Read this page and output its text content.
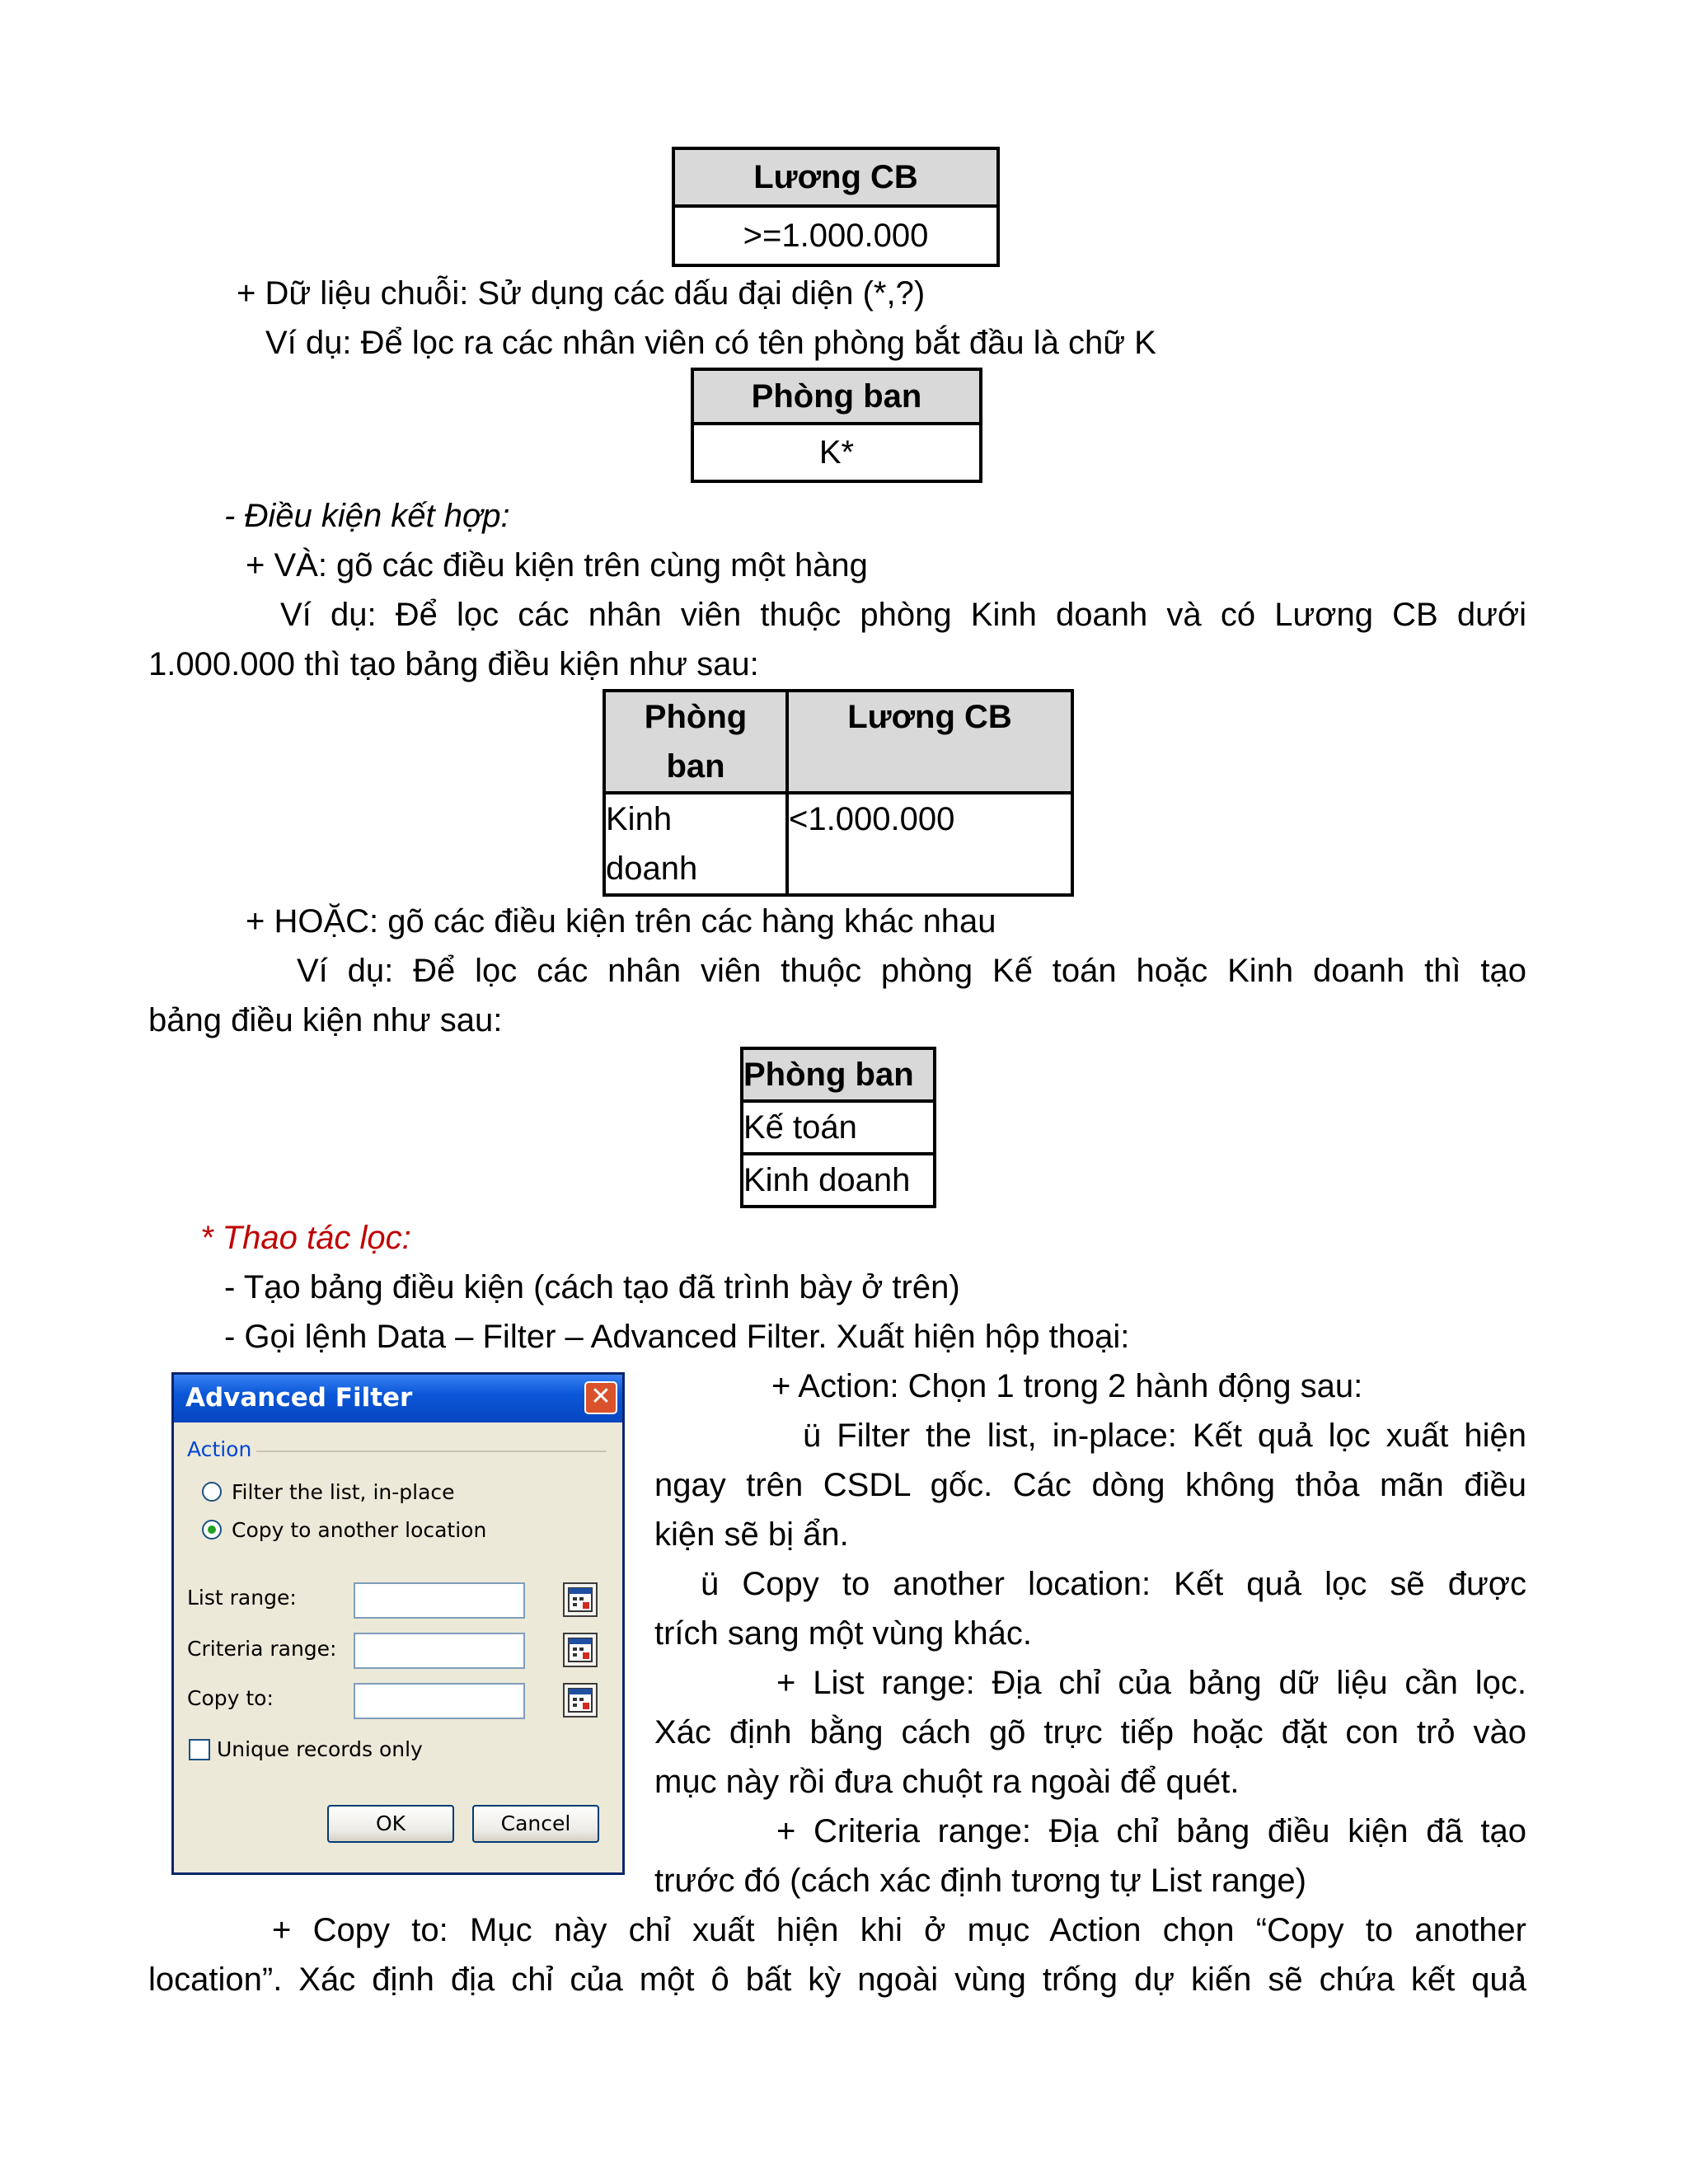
Lương CB
>=1.000.000
+ Dữ liệu chuỗi: Sử dụng các dấu đại diện (*,?)
Ví dụ: Để lọc ra các nhân viên có tên phòng bắt đầu là chữ K
Phòng ban
K*
- Điều kiện kết hợp:
+ VÀ: gõ các điều kiện trên cùng một hàng
Ví dụ: Để lọc các nhân viên thuộc phòng Kinh doanh và có Lương CB dưới
1.000.000 thì tạo bảng điều kiện như sau:
Phòng
ban	Lương CB
Kinh
doanh	<1.000.000
+ HOẶC: gõ các điều kiện trên các hàng khác nhau
Ví dụ: Để lọc các nhân viên thuộc phòng Kế toán hoặc Kinh doanh thì tạo
bảng điều kiện như sau:
Phòng ban
Kế toán
Kinh doanh
* Thao tác lọc:
- Tạo bảng điều kiện (cách tạo đã trình bày ở trên)
- Gọi lệnh Data – Filter – Advanced Filter. Xuất hiện hộp thoại:
Advanced Filter	✕
Action
Filter the list, in-place
Copy to another location
List range:
Criteria range:
Copy to:
Unique records only
OK	Cancel
+ Action: Chọn 1 trong 2 hành động sau:
ü Filter the list, in-place: Kết quả lọc xuất hiện
ngay trên CSDL gốc. Các dòng không thỏa mãn điều
kiện sẽ bị ẩn.
ü Copy to another location: Kết quả lọc sẽ được
trích sang một vùng khác.
+ List range: Địa chỉ của bảng dữ liệu cần lọc.
Xác định bằng cách gõ trực tiếp hoặc đặt con trỏ vào
mục này rồi đưa chuột ra ngoài để quét.
+ Criteria range: Địa chỉ bảng điều kiện đã tạo
trước đó (cách xác định tương tự List range)
+ Copy to: Mục này chỉ xuất hiện khi ở mục Action chọn “Copy to another
location”. Xác định địa chỉ của một ô bất kỳ ngoài vùng trống dự kiến sẽ chứa kết quả
